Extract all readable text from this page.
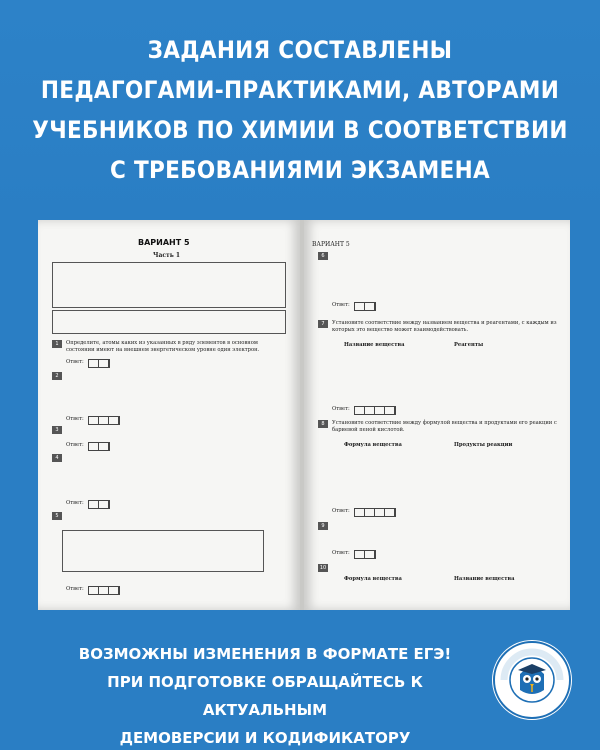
ЗАДАНИЯ СОСТАВЛЕНЫ
ПЕДАГОГАМИ-ПРАКТИКАМИ, АВТОРАМИ
УЧЕБНИКОВ ПО ХИМИИ В СООТВЕТСТВИИ
С ТРЕБОВАНИЯМИ ЭКЗАМЕНА
ВАРИАНТ 5
Часть 1
1	Определите, атомы каких из указанных в ряду элементов в основном состоянии имеют на внешнем энергетическом уровне один электрон.
Ответ:
2
Ответ:
3
Ответ:
4
Ответ:
5
Ответ:
ВАРИАНТ 5
6
Ответ:
7	Установите соответствие между названием вещества и реагентами, с каждым из которых это вещество может взаимодействовать.
Название вещества	Реагенты
Ответ:
8	Установите соответствие между формулой вещества и продуктами его реакции с бариевой пеной кислотой.
Формула вещества	Продукты реакции
Ответ:
9
Ответ:
10
Формула вещества	Название вещества
ВОЗМОЖНЫ ИЗМЕНЕНИЯ В ФОРМАТЕ ЕГЭ!
ПРИ ПОДГОТОВКЕ ОБРАЩАЙТЕСЬ К АКТУАЛЬНЫМ
ДЕМОВЕРСИИ И КОДИФИКАТОРУ
